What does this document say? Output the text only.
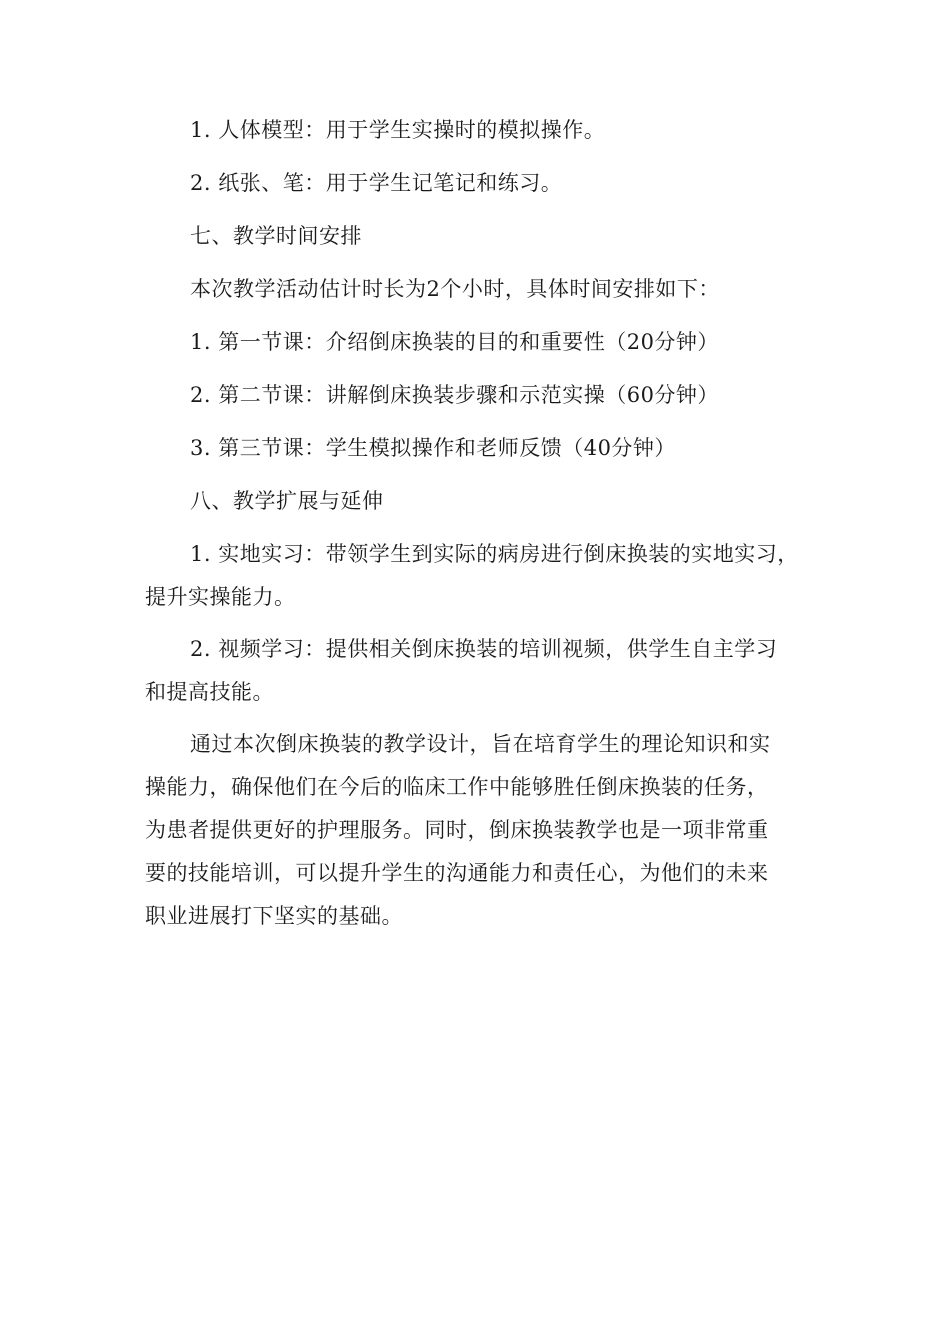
1. 人体模型：用于学生实操时的模拟操作。
2. 纸张、笔：用于学生记笔记和练习。
七、教学时间安排
本次教学活动估计时长为2个小时，具体时间安排如下：
1. 第一节课：介绍倒床换装的目的和重要性（20分钟）
2. 第二节课：讲解倒床换装步骤和示范实操（60分钟）
3. 第三节课：学生模拟操作和老师反馈（40分钟）
八、教学扩展与延伸
1. 实地实习：带领学生到实际的病房进行倒床换装的实地实习，
提升实操能力。
2. 视频学习：提供相关倒床换装的培训视频，供学生自主学习
和提高技能。
通过本次倒床换装的教学设计，旨在培育学生的理论知识和实
操能力，确保他们在今后的临床工作中能够胜任倒床换装的任务，
为患者提供更好的护理服务。同时，倒床换装教学也是一项非常重
要的技能培训，可以提升学生的沟通能力和责任心，为他们的未来
职业进展打下坚实的基础。
